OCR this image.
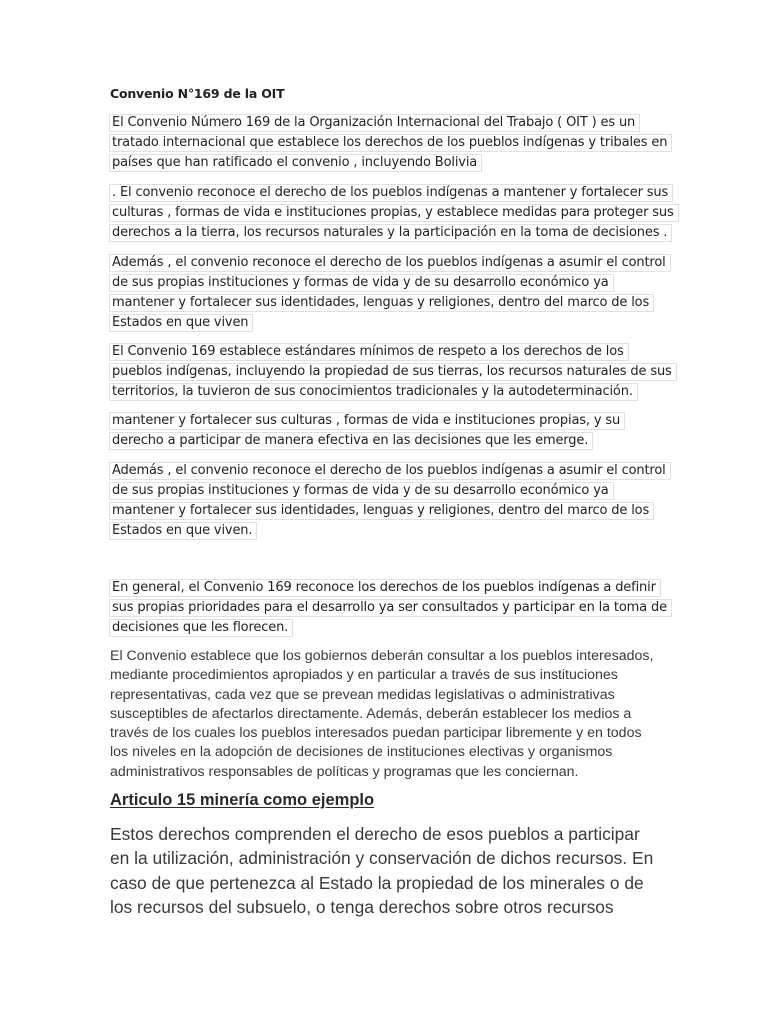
Convenio N°169 de la OIT
El Convenio Número 169 de la Organización Internacional del Trabajo ( OIT ) es un
tratado internacional que establece los derechos de los pueblos indígenas y tribales en
países que han ratificado el convenio , incluyendo Bolivia
. El convenio reconoce el derecho de los pueblos indígenas a mantener y fortalecer sus
culturas , formas de vida e instituciones propias, y establece medidas para proteger sus
derechos a la tierra, los recursos naturales y la participación en la toma de decisiones .
Además , el convenio reconoce el derecho de los pueblos indígenas a asumir el control
de sus propias instituciones y formas de vida y de su desarrollo económico ya
mantener y fortalecer sus identidades, lenguas y religiones, dentro del marco de los
Estados en que viven
El Convenio 169 establece estándares mínimos de respeto a los derechos de los
pueblos indígenas, incluyendo la propiedad de sus tierras, los recursos naturales de sus
territorios, la tuvieron de sus conocimientos tradicionales y la autodeterminación.
mantener y fortalecer sus culturas , formas de vida e instituciones propias, y su
derecho a participar de manera efectiva en las decisiones que les emerge.
Además , el convenio reconoce el derecho de los pueblos indígenas a asumir el control
de sus propias instituciones y formas de vida y de su desarrollo económico ya
mantener y fortalecer sus identidades, lenguas y religiones, dentro del marco de los
Estados en que viven.
En general, el Convenio 169 reconoce los derechos de los pueblos indígenas a definir
sus propias prioridades para el desarrollo ya ser consultados y participar en la toma de
decisiones que les florecen.
El Convenio establece que los gobiernos deberán consultar a los pueblos interesados,
mediante procedimientos apropiados y en particular a través de sus instituciones
representativas, cada vez que se prevean medidas legislativas o administrativas
susceptibles de afectarlos directamente. Además, deberán establecer los medios a
través de los cuales los pueblos interesados puedan participar libremente y en todos
los niveles en la adopción de decisiones de instituciones electivas y organismos
administrativos responsables de políticas y programas que les conciernan.
Articulo 15 minería como ejemplo
Estos derechos comprenden el derecho de esos pueblos a participar
en la utilización, administración y conservación de dichos recursos. En
caso de que pertenezca al Estado la propiedad de los minerales o de
los recursos del subsuelo, o tenga derechos sobre otros recursos
